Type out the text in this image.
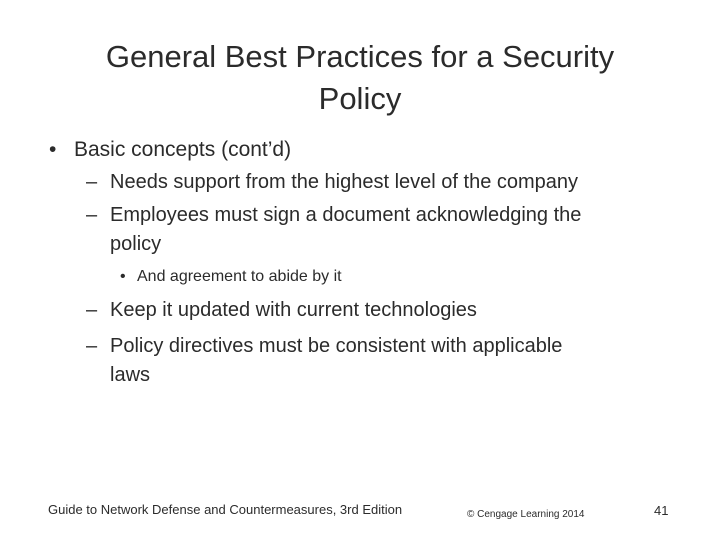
General Best Practices for a Security
Policy
• Basic concepts (cont’d)
– Needs support from the highest level of the company
– Employees must sign a document acknowledging the
policy
• And agreement to abide by it
– Keep it updated with current technologies
– Policy directives must be consistent with applicable
laws
Guide to Network Defense and Countermeasures, 3rd Edition	© Cengage Learning 2014	41
